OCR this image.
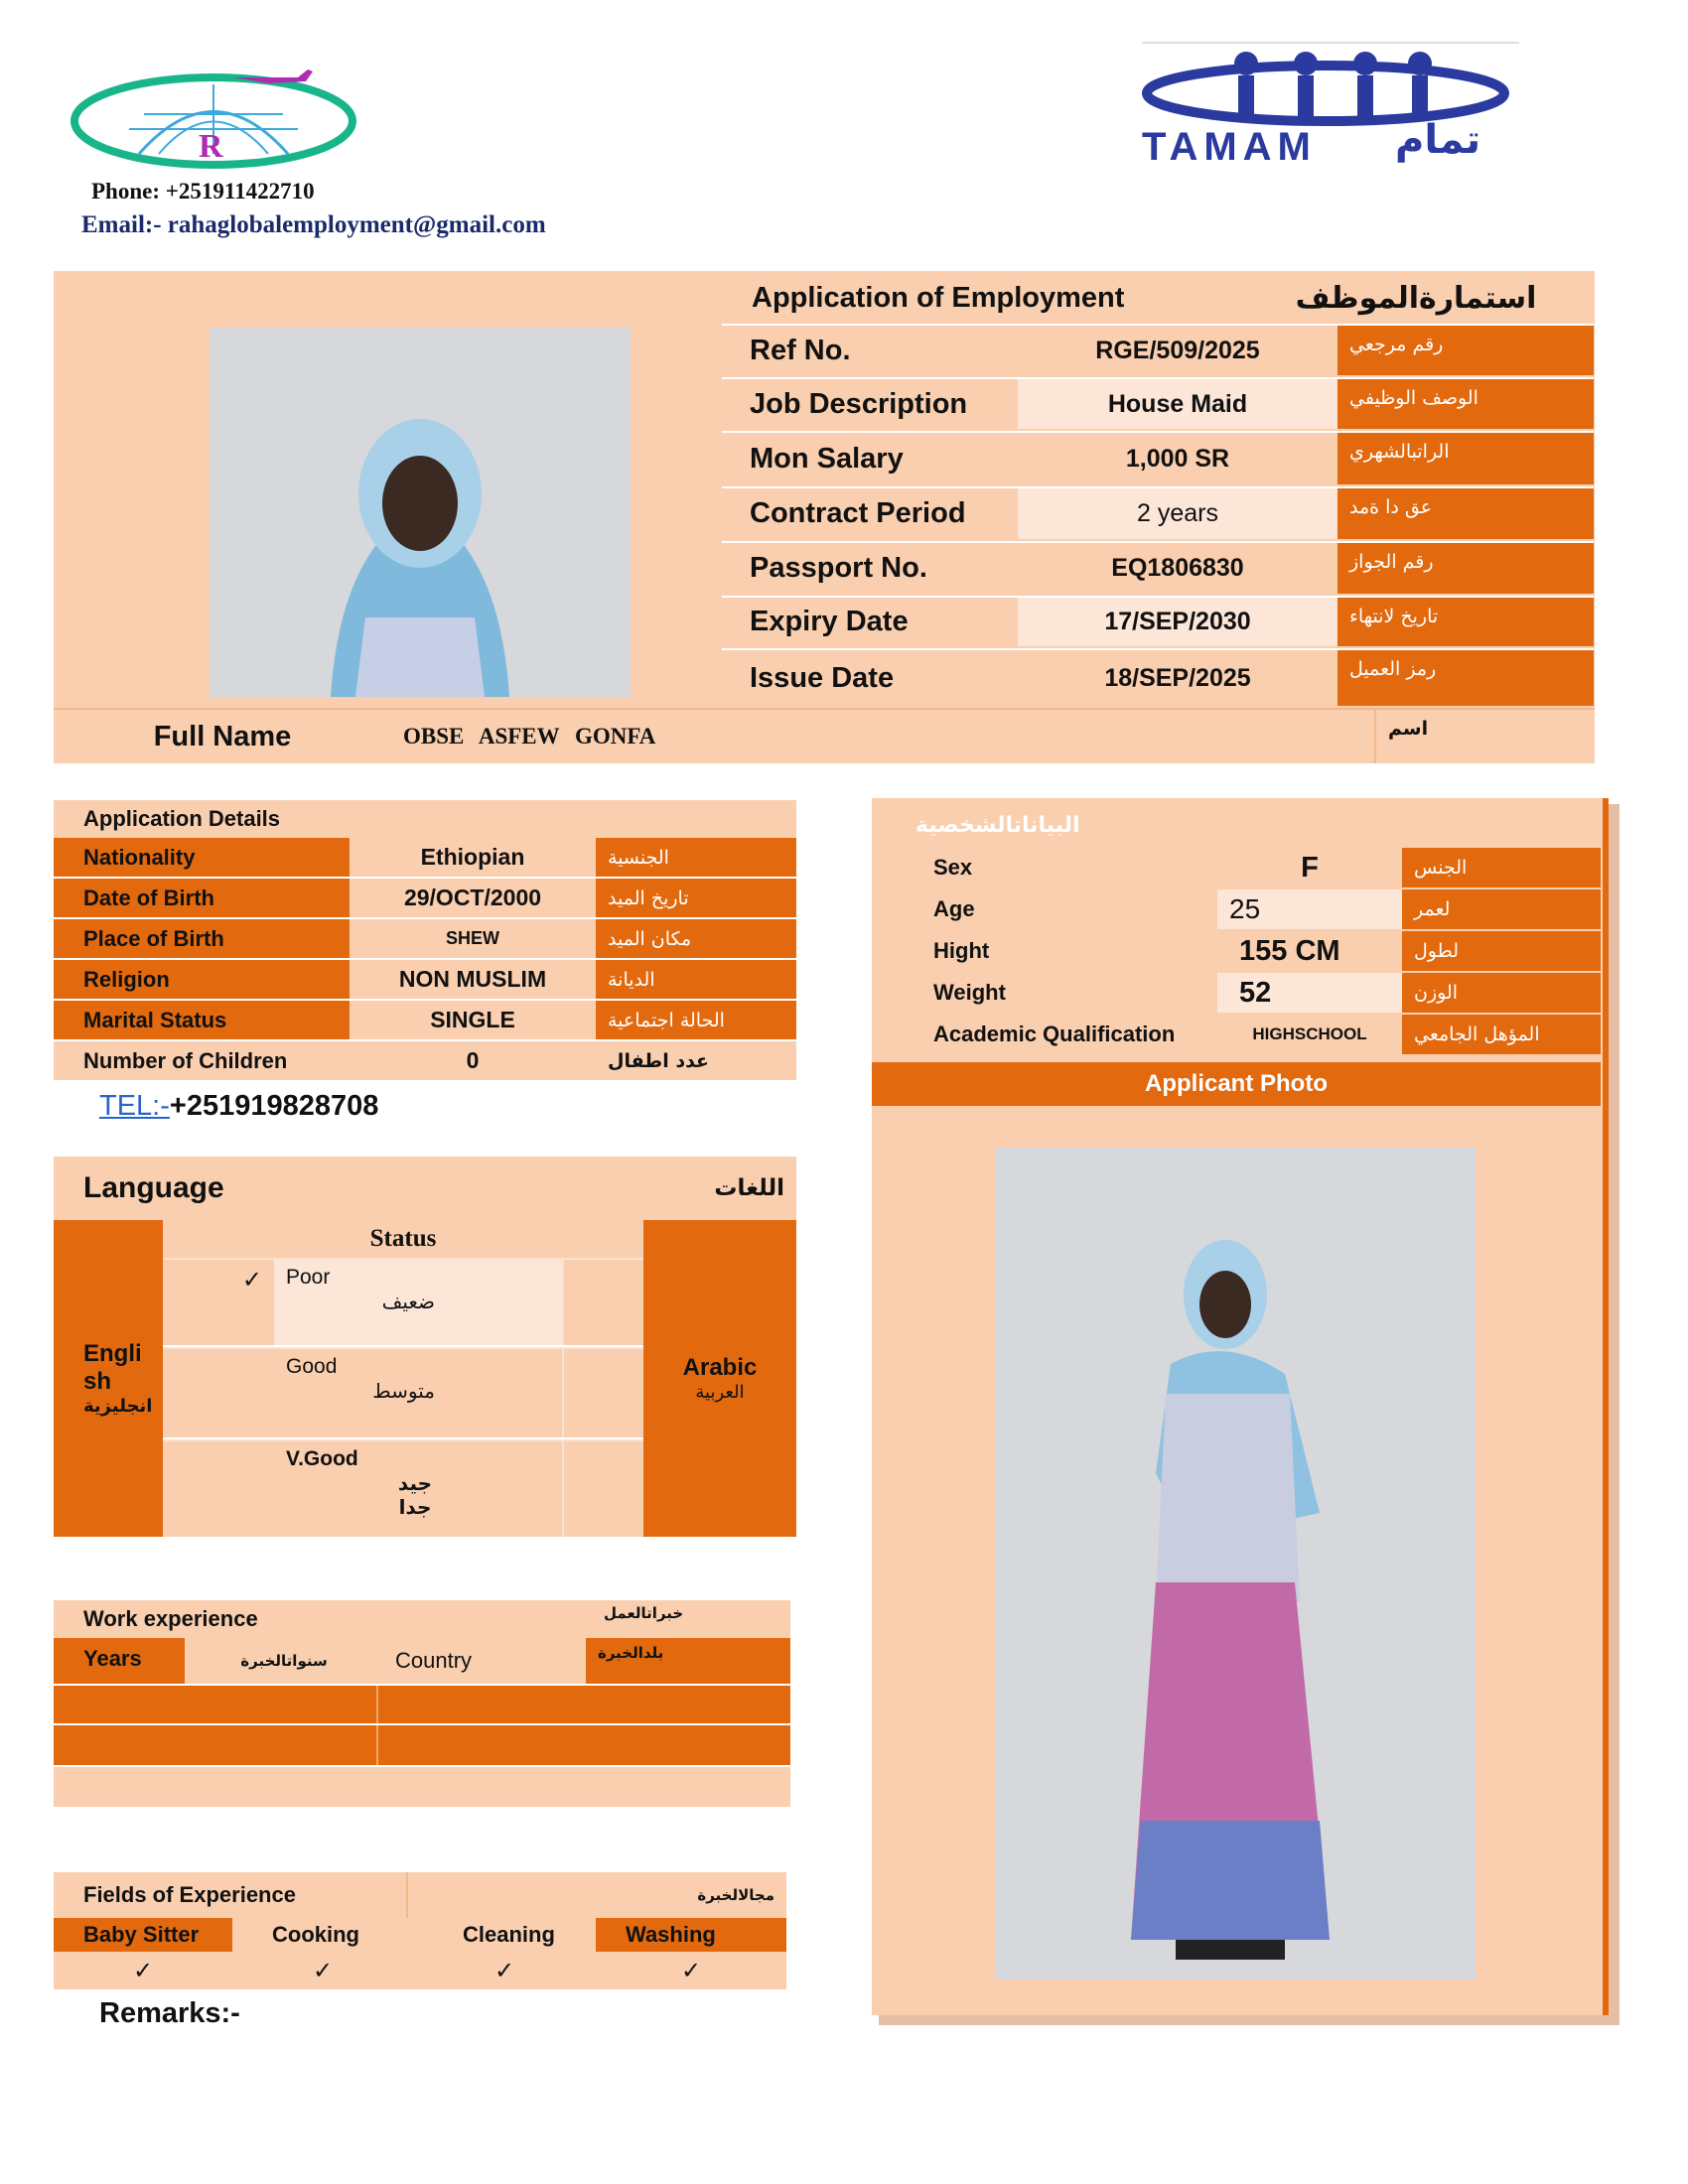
R
Phone: +251911422710
Email:- rahaglobalemployment@gmail.com
TAMAM تمام
Application of Employment	استمارةالموظف
Ref No.	RGE/509/2025	رقم مرجعي
Job Description	House Maid	الوصف الوظيفي
Mon Salary	1,000 SR	الراتبالشهري
Contract Period	2 years	عق دا ةمد
Passport No.	EQ1806830	رقم الجواز
Expiry Date	17/SEP/2030	تاريخ لانتهاء
Issue Date	18/SEP/2025	رمز العميل
Full Name	OBSE ASFEW GONFA	اسم
Application Details
Nationality	Ethiopian	الجنسية
Date of Birth	29/OCT/2000	تاريخ الميد
Place of Birth	SHEW	مكان الميد
Religion	NON MUSLIM	الديانة
Marital Status	SINGLE	الحالة اجتماعية
Number of Children	0	عدد اطفال
TEL:-+251919828708
البياناتالشخصية
Sex	F	الجنس
Age	25	لعمر
Hight	155 CM	لطول
Weight	52	الوزن
Academic Qualification	HIGHSCHOOL	المؤهل الجامعي
Applicant Photo
Language	اللغات
English
انجليزية
Status
✓ Poor
ضعيف
Good
متوسط
V.Good
جيد جدا
Arabic
العربية
Work experience	خبراتالعمل
Years	سنواتالخبرة	Country	بلدالخبرة
Fields of Experience	مجالالخبرة
Baby Sitter	Cooking	Cleaning	Washing
✓	✓	✓	✓
Remarks:-
